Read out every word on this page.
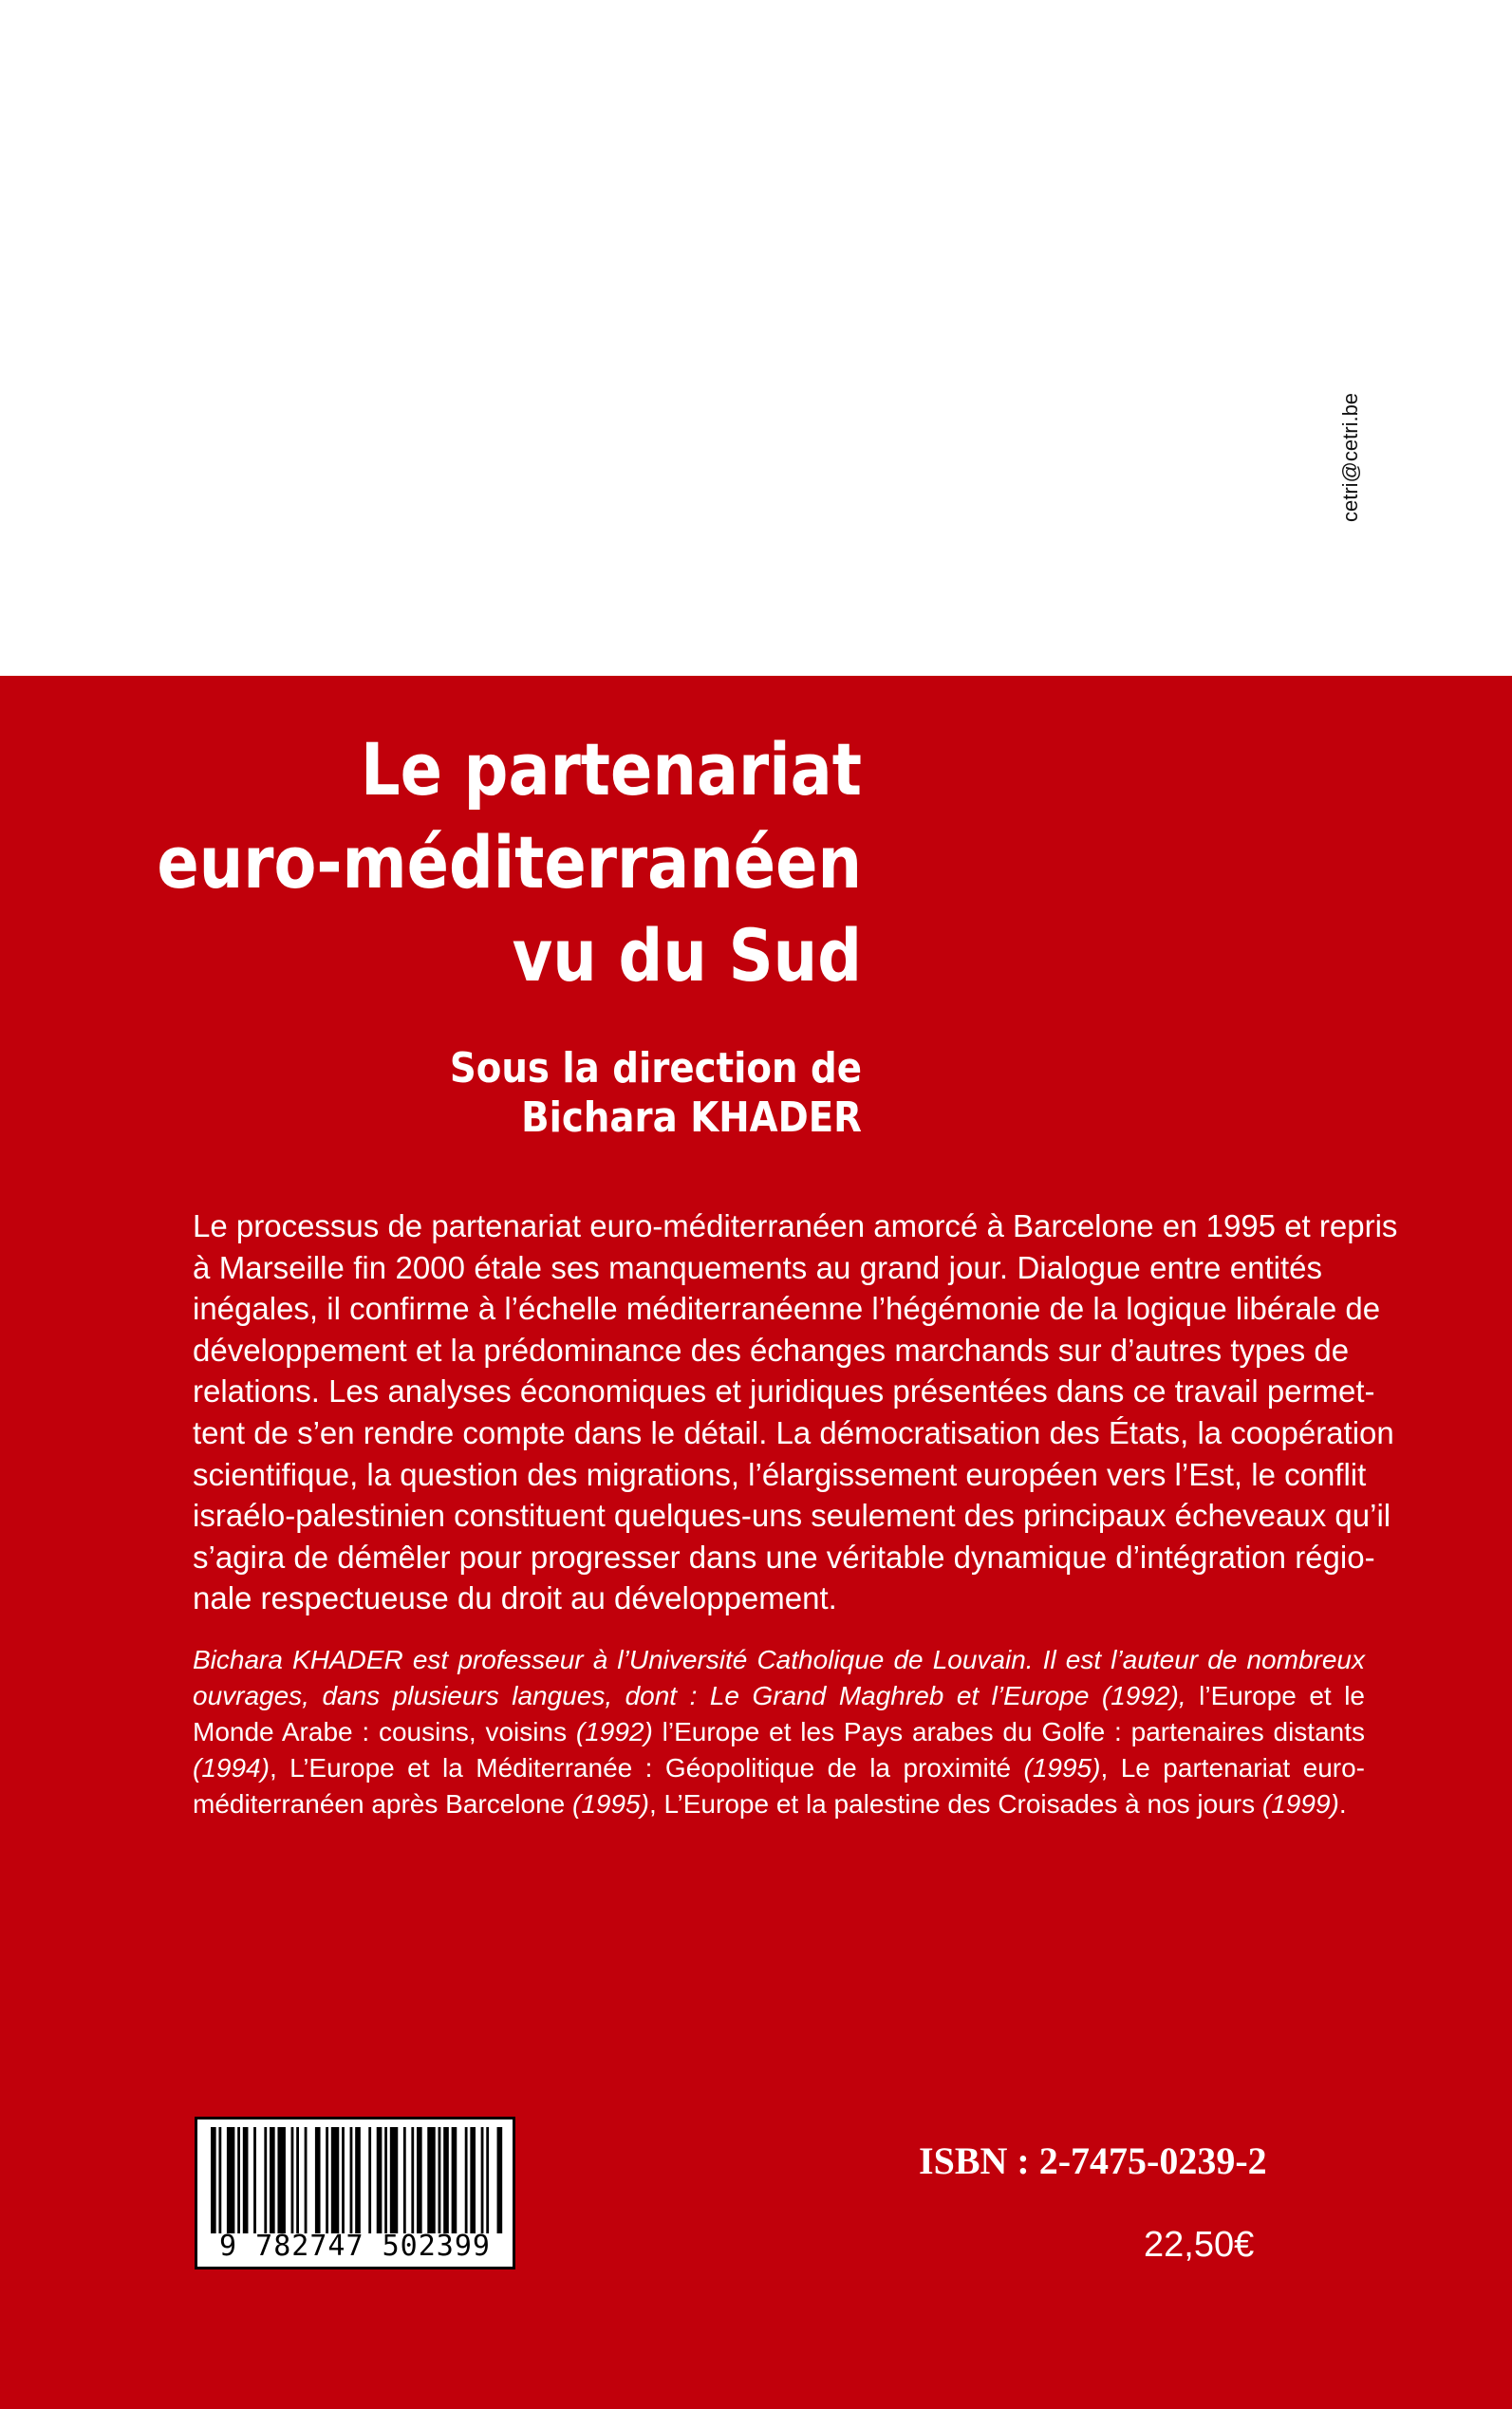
cetri@cetri.be
Le partenariat
euro-méditerranéen
vu du Sud
Sous la direction de
Bichara KHADER
Le processus de partenariat euro-méditerranéen amorcé à Barcelone en 1995 et repris
à Marseille fin 2000 étale ses manquements au grand jour. Dialogue entre entités
inégales, il confirme à l’échelle méditerranéenne l’hégémonie de la logique libérale de
développement et la prédominance des échanges marchands sur d’autres types de
relations. Les analyses économiques et juridiques présentées dans ce travail permet-
tent de s’en rendre compte dans le détail. La démocratisation des États, la coopération
scientifique, la question des migrations, l’élargissement européen vers l’Est, le conflit
israélo-palestinien constituent quelques-uns seulement des principaux écheveaux qu’il
s’agira de démêler pour progresser dans une véritable dynamique d’intégration régio-
nale respectueuse du droit au développement.
Bichara KHADER est professeur à l’Université Catholique de Louvain. Il est l’auteur de nombreux
ouvrages, dans plusieurs langues, dont : Le Grand Maghreb et l’Europe (1992), l’Europe et le
Monde Arabe : cousins, voisins (1992) l’Europe et les Pays arabes du Golfe : partenaires distants
(1994), L’Europe et la Méditerranée : Géopolitique de la proximité (1995), Le partenariat euro-
méditerranéen après Barcelone (1995), L’Europe et la palestine des Croisades à nos jours (1999).
9 782747 502399
ISBN : 2-7475-0239-2
22,50€
